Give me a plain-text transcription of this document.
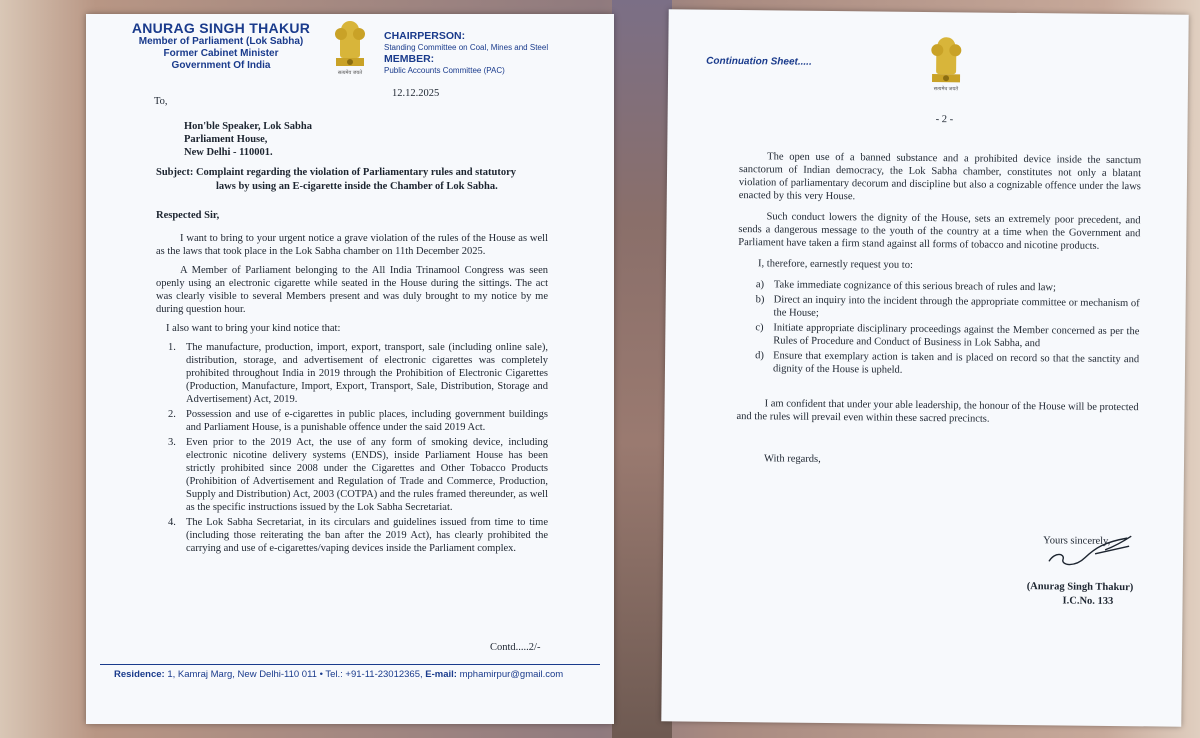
ANURAG SINGH THAKUR
Member of Parliament (Lok Sabha)
Former Cabinet Minister
Government Of India
सत्यमेव जयते
CHAIRPERSON:
Standing Committee on Coal, Mines and Steel
MEMBER:
Public Accounts Committee (PAC)
12.12.2025
To,
Hon'ble Speaker, Lok Sabha
Parliament House,
New Delhi - 110001.
Subject: Complaint regarding the violation of Parliamentary rules and statutory
laws by using an E-cigarette inside the Chamber of Lok Sabha.
Respected Sir,
I want to bring to your urgent notice a grave violation of the rules of the House as well as the laws that took place in the Lok Sabha chamber on 11th December 2025.
A Member of Parliament belonging to the All India Trinamool Congress was seen openly using an electronic cigarette while seated in the House during the sittings. The act was clearly visible to several Members present and was duly brought to my notice by me during question hour.
I also want to bring your kind notice that:
1. The manufacture, production, import, export, transport, sale (including online sale), distribution, storage, and advertisement of electronic cigarettes was completely prohibited throughout India in 2019 through the Prohibition of Electronic Cigarettes (Production, Manufacture, Import, Export, Transport, Sale, Distribution, Storage and Advertisement) Act, 2019.
2. Possession and use of e-cigarettes in public places, including government buildings and Parliament House, is a punishable offence under the said 2019 Act.
3. Even prior to the 2019 Act, the use of any form of smoking device, including electronic nicotine delivery systems (ENDS), inside Parliament House has been strictly prohibited since 2008 under the Cigarettes and Other Tobacco Products (Prohibition of Advertisement and Regulation of Trade and Commerce, Production, Supply and Distribution) Act, 2003 (COTPA) and the rules framed thereunder, as well as the specific instructions issued by the Lok Sabha Secretariat.
4. The Lok Sabha Secretariat, in its circulars and guidelines issued from time to time (including those reiterating the ban after the 2019 Act), has clearly prohibited the carrying and use of e-cigarettes/vaping devices inside the Parliament complex.
Contd.....2/-
Residence: 1, Kamraj Marg, New Delhi-110 011 • Tel.: +91-11-23012365, E-mail: mphamirpur@gmail.com
Continuation Sheet.....
सत्यमेव जयते
- 2 -
The open use of a banned substance and a prohibited device inside the sanctum sanctorum of Indian democracy, the Lok Sabha chamber, constitutes not only a blatant violation of parliamentary decorum and discipline but also a cognizable offence under the laws enacted by this very House.
Such conduct lowers the dignity of the House, sets an extremely poor precedent, and sends a dangerous message to the youth of the country at a time when the Government and Parliament have taken a firm stand against all forms of tobacco and nicotine products.
I, therefore, earnestly request you to:
a) Take immediate cognizance of this serious breach of rules and law;
b) Direct an inquiry into the incident through the appropriate committee or mechanism of the House;
c) Initiate appropriate disciplinary proceedings against the Member concerned as per the Rules of Procedure and Conduct of Business in Lok Sabha, and
d) Ensure that exemplary action is taken and is placed on record so that the sanctity and dignity of the House is upheld.
I am confident that under your able leadership, the honour of the House will be protected and the rules will prevail even within these sacred precincts.
With regards,
Yours sincerely,
(Anurag Singh Thakur)
I.C.No. 133
